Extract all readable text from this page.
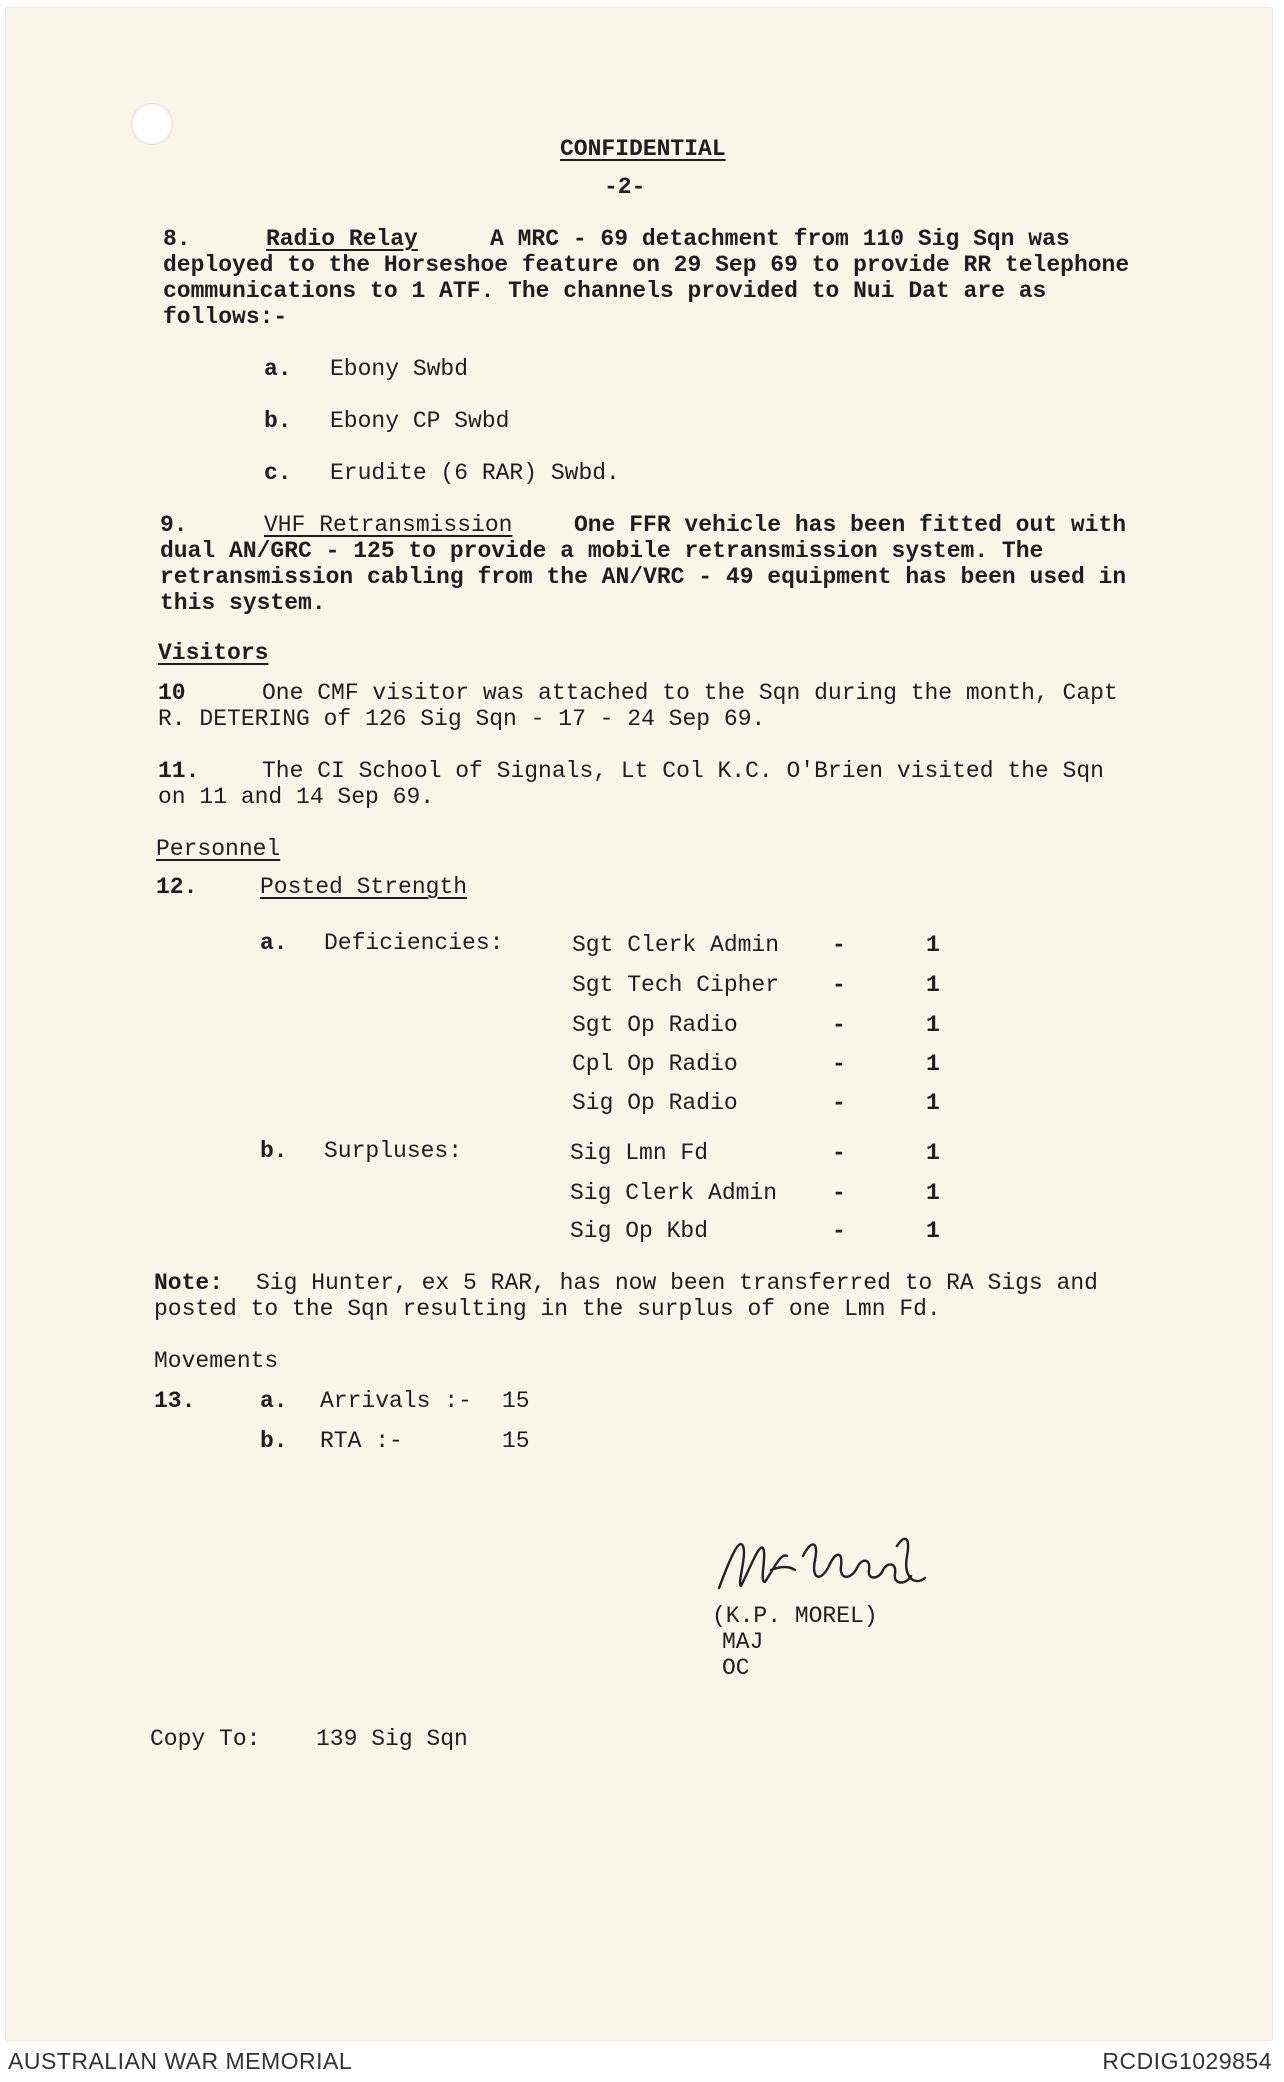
CONFIDENTIAL
-2-
8.	Radio Relay	A MRC - 69 detachment from 110 Sig Sqn was
deployed to the Horseshoe feature on 29 Sep 69 to provide RR telephone
communications to 1 ATF. The channels provided to Nui Dat are as
follows:-
a. Ebony Swbd
b. Ebony CP Swbd
c. Erudite (6 RAR) Swbd.
9.	VHF Retransmission	One FFR vehicle has been fitted out with
dual AN/GRC - 125 to provide a mobile retransmission system. The
retransmission cabling from the AN/VRC - 49 equipment has been used in
this system.
Visitors
10	One CMF visitor was attached to the Sqn during the month, Capt
R. DETERING of 126 Sig Sqn - 17 - 24 Sep 69.
11.	The CI School of Signals, Lt Col K.C. O'Brien visited the Sqn
on 11 and 14 Sep 69.
Personnel
12.	Posted Strength
a. Deficiencies:	Sgt Clerk Admin -	1
Sgt Tech Cipher -	1
Sgt Op Radio	-	1
Cpl Op Radio	-	1
Sig Op Radio	-	1
b. Surpluses:	Sig Lmn Fd	-	1
Sig Clerk Admin -	1
Sig Op Kbd	-	1
Note: Sig Hunter, ex 5 RAR, has now been transferred to RA Sigs and
posted to the Sqn resulting in the surplus of one Lmn Fd.
Movements
13.	a. Arrivals :- 15
b. RTA :-	15
(K.P. MOREL)
MAJ
OC
Copy To: 139 Sig Sqn
AUSTRALIAN WAR MEMORIAL	RCDIG1029854
